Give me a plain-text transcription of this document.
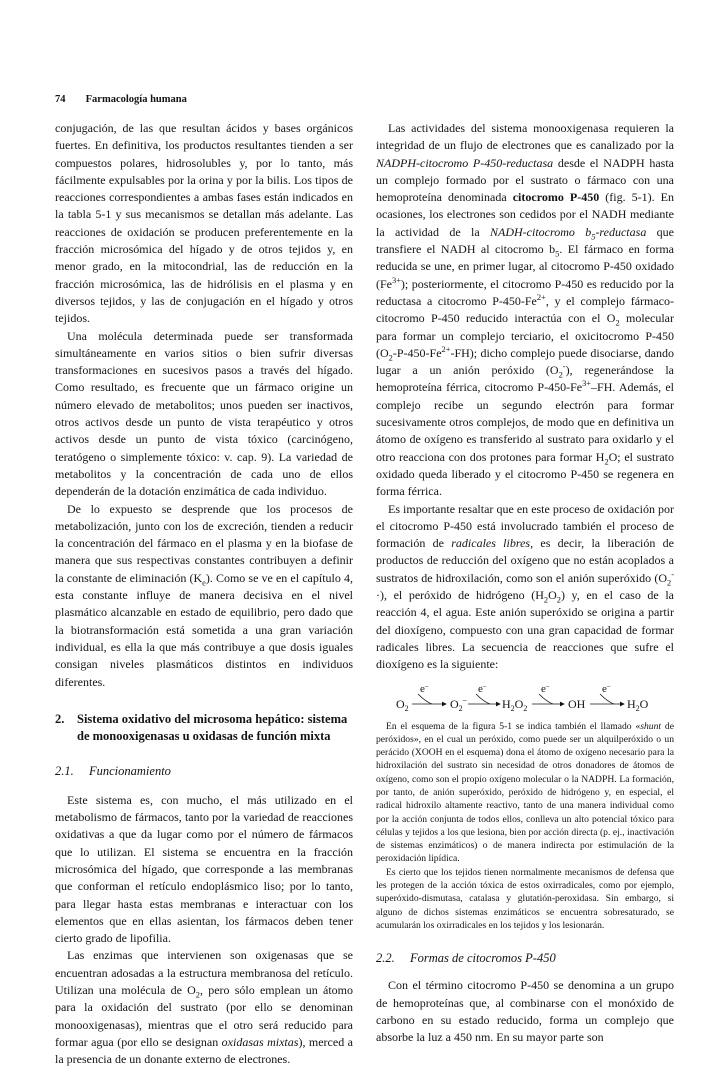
74 Farmacología humana

conjugación, de las que resultan ácidos y bases orgánicos fuertes. En definitiva, los productos resultantes tienden a ser compuestos polares, hidrosolubles y, por lo tanto, más fácilmente expulsables por la orina y por la bilis. Los tipos de reacciones correspondientes a ambas fases están indicados en la tabla 5-1 y sus mecanismos se detallan más adelante. Las reacciones de oxidación se producen preferentemente en la fracción microsómica del hígado y de otros tejidos y, en menor grado, en la mitocondrial, las de reducción en la fracción microsómica, las de hidrólisis en el plasma y en diversos tejidos, y las de conjugación en el hígado y otros tejidos.

Una molécula determinada puede ser transformada simultáneamente en varios sitios o bien sufrir diversas transformaciones en sucesivos pasos a través del hígado. Como resultado, es frecuente que un fármaco origine un número elevado de metabolitos; unos pueden ser inactivos, otros activos desde un punto de vista terapéutico y otros activos desde un punto de vista tóxico (carcinógeno, teratógeno o simplemente tóxico: v. cap. 9). La variedad de metabolitos y la concentración de cada uno de ellos dependerán de la dotación enzimática de cada individuo.

De lo expuesto se desprende que los procesos de metabolización, junto con los de excreción, tienden a reducir la concentración del fármaco en el plasma y en la biofase de manera que sus respectivas constantes contribuyen a definir la constante de eliminación $(K_e)$. Como se ve en el capítulo 4, esta constante influye de manera decisiva en el nivel plasmático alcanzable en estado de equilibrio, pero dado que la biotransformación está sometida a una gran variación individual, es ella la que más contribuye a que dosis iguales consigan niveles plasmáticos distintos en individuos diferentes.

2.	Sistema oxidativo del microsoma hepático: sistema de monooxigenasas u oxidasas de función mixta
2.1.	Funcionamiento

Este sistema es, con mucho, el más utilizado en el metabolismo de fármacos, tanto por la variedad de reacciones oxidativas a que da lugar como por el número de fármacos que lo utilizan. El sistema se encuentra en la fracción microsómica del hígado, que corresponde a las membranas que conforman el retículo endoplásmico liso; por lo tanto, para llegar hasta estas membranas e interactuar con los elementos que en ellas asientan, los fármacos deben tener cierto grado de lipofilia.

Las enzimas que intervienen son oxigenasas que se encuentran adosadas a la estructura membranosa del retículo. Utilizan una molécula de $O_2$, pero sólo emplean un átomo para la oxidación del sustrato (por ello se denominan monooxigenasas), mientras que el otro será reducido para formar agua (por ello se designan oxidasas mixtas), merced a la presencia de un donante externo de electrones.

Las actividades del sistema monooxigenasa requieren la integridad de un flujo de electrones que es canalizado por la NADPH-citocromo P-450-reductasa desde el NADPH hasta un complejo formado por el sustrato o fármaco con una hemoproteína denominada citocromo P-450 (fig. 5-1). En ocasiones, los electrones son cedidos por el NADH mediante la actividad de la NADH-citocromo $b_5$-reductasa que transfiere el NADH al citocromo $b_5$. El fármaco en forma reducida se une, en primer lugar, al citocromo P-450 oxidado $(Fe^{3+})$; posteriormente, el citocromo P-450 es reducido por la reductasa a citocromo $P-450-Fe^{2+}$, y el complejo fármaco-citocromo P-450 reducido interactúa con el $O_2$ molecular para formar un complejo terciario, el oxicitocromo P-450 $(O_2-P-450-Fe^{2+}-FH)$; dicho complejo puede disociarse, dando lugar a un anión peróxido $(O_2^-)$, regenerándose la hemoproteína férrica, citocromo $P-450-Fe^{3+}-FH$. Además, el complejo recibe un segundo electrón para formar sucesivamente otros complejos, de modo que en definitiva un átomo de oxígeno es transferido al sustrato para oxidarlo y el otro reacciona con dos protones para formar $H_2O$; el sustrato oxidado queda liberado y el citocromo P-450 se regenera en forma férrica.

Es importante resaltar que en este proceso de oxidación por el citocromo P-450 está involucrado también el proceso de formación de radicales libres, es decir, la liberación de productos de reducción del oxígeno que no están acoplados a sustratos de hidroxilación, como son el anión superóxido $(O_2^-\cdot)$, el peróxido de hidrógeno $(H_2O_2)$ y, en el caso de la reacción 4, el agua. Este anión superóxido se origina a partir del dioxígeno, compuesto con una gran capacidad de formar radicales libres. La secuencia de reacciones que sufre el dioxígeno es la siguiente:

e–	e–	e–	e–
$O_2$	$O_2^-$	$H_2O_2$	OH	$H_2O$

En el esquema de la figura 5-1 se indica también el llamado «shunt de peróxidos», en el cual un peróxido, como puede ser un alquilperóxido o un perácido (XOOH en el esquema) dona el átomo de oxígeno necesario para la hidroxilación del sustrato sin necesidad de otros donadores de átomos de oxígeno, como son el propio oxígeno molecular o la NADPH. La formación, por tanto, de anión superóxido, peróxido de hidrógeno y, en especial, el radical hidroxilo altamente reactivo, tanto de una manera individual como por la acción conjunta de todos ellos, conlleva un alto potencial tóxico para células y tejidos a los que lesiona, bien por acción directa (p. ej., inactivación de sistemas enzimáticos) o de manera indirecta por estimulación de la peroxidación lipídica.

Es cierto que los tejidos tienen normalmente mecanismos de defensa que les protegen de la acción tóxica de estos oxirradicales, como por ejemplo, superóxido-dismutasa, catalasa y glutatión-peroxidasa. Sin embargo, si alguno de dichos sistemas enzimáticos se encuentra sobresaturado, se acumularán los oxirradicales en los tejidos y los lesionarán.

2.2.	Formas de citocromos P-450

Con el término citocromo P-450 se denomina a un grupo de hemoproteínas que, al combinarse con el monóxido de carbono en su estado reducido, forma un complejo que absorbe la luz a 450 nm. En su mayor parte son
